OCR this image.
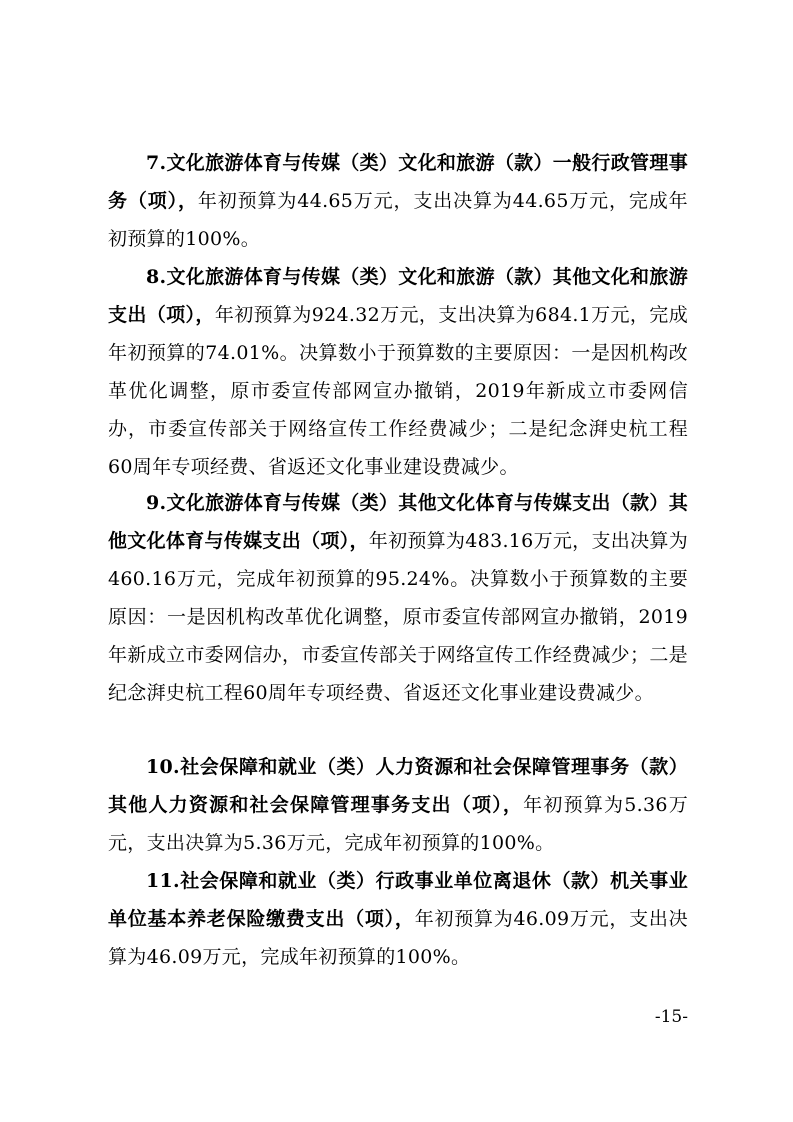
7.文化旅游体育与传媒（类）文化和旅游（款）一般行政管理事务（项），年初预算为44.65万元，支出决算为44.65万元，完成年初预算的100%。

8.文化旅游体育与传媒（类）文化和旅游（款）其他文化和旅游支出（项），年初预算为924.32万元，支出决算为684.1万元，完成年初预算的74.01%。决算数小于预算数的主要原因：一是因机构改革优化调整，原市委宣传部网宣办撤销，2019年新成立市委网信办，市委宣传部关于网络宣传工作经费减少；二是纪念湃史杭工程60周年专项经费、省返还文化事业建设费减少。

9.文化旅游体育与传媒（类）其他文化体育与传媒支出（款）其他文化体育与传媒支出（项），年初预算为483.16万元，支出决算为460.16万元，完成年初预算的95.24%。决算数小于预算数的主要原因：一是因机构改革优化调整，原市委宣传部网宣办撤销，2019年新成立市委网信办，市委宣传部关于网络宣传工作经费减少；二是纪念湃史杭工程60周年专项经费、省返还文化事业建设费减少。

10.社会保障和就业（类）人力资源和社会保障管理事务（款）其他人力资源和社会保障管理事务支出（项），年初预算为5.36万元，支出决算为5.36万元，完成年初预算的100%。

11.社会保障和就业（类）行政事业单位离退休（款）机关事业单位基本养老保险缴费支出（项），年初预算为46.09万元，支出决算为46.09万元，完成年初预算的100%。

-15-
